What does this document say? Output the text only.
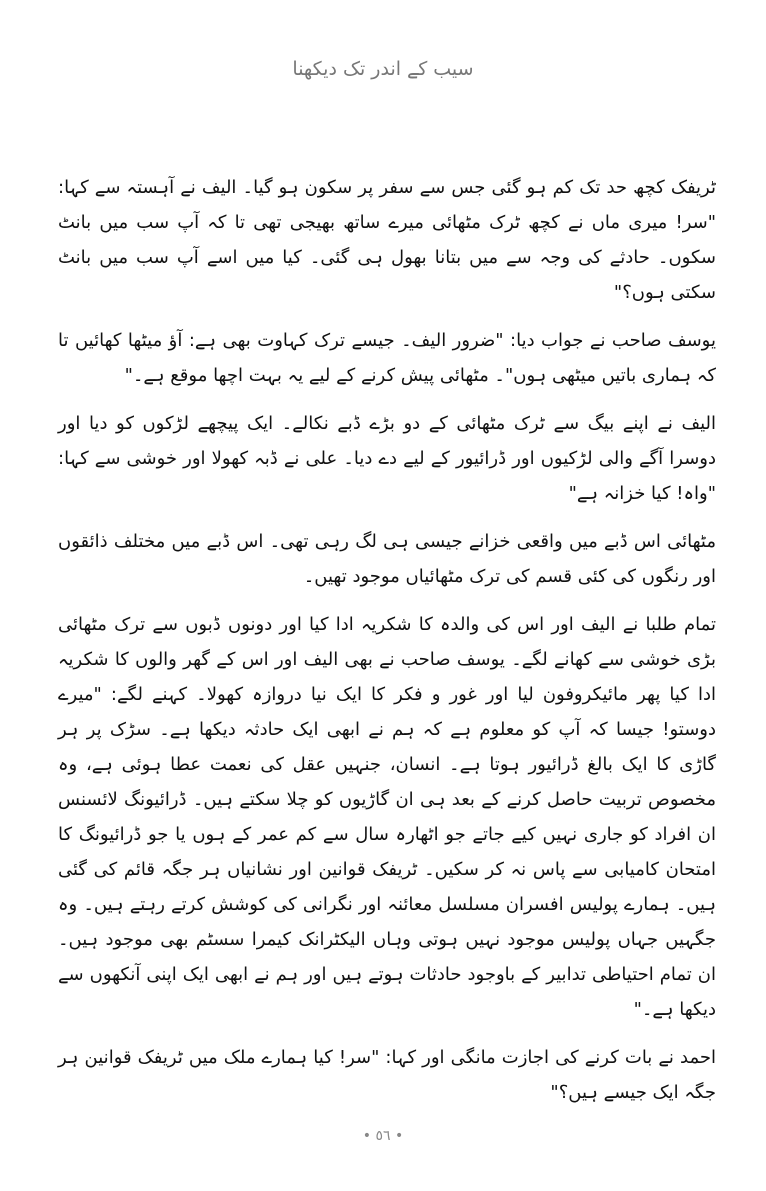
سیب کے اندر تک دیکھنا

ٹریفک کچھ حد تک کم ہو گئی جس سے سفر پر سکون ہو گیا۔ الیف نے آہستہ سے کہا: "سر! میری ماں نے کچھ ٹرک مٹھائی میرے ساتھ بھیجی تھی تا کہ آپ سب میں بانٹ سکوں۔ حادثے کی وجہ سے میں بتانا بھول ہی گئی۔ کیا میں اسے آپ سب میں بانٹ سکتی ہوں؟"

یوسف صاحب نے جواب دیا: "ضرور الیف۔ جیسے ترک کہاوت بھی ہے: آؤ میٹھا کھائیں تا کہ ہماری باتیں میٹھی ہوں"۔ مٹھائی پیش کرنے کے لیے یہ بہت اچھا موقع ہے۔"

الیف نے اپنے بیگ سے ٹرک مٹھائی کے دو بڑے ڈبے نکالے۔ ایک پیچھے لڑکوں کو دیا اور دوسرا آگے والی لڑکیوں اور ڈرائیور کے لیے دے دیا۔ علی نے ڈبہ کھولا اور خوشی سے کہا: "واہ! کیا خزانہ ہے"

مٹھائی اس ڈبے میں واقعی خزانے جیسی ہی لگ رہی تھی۔ اس ڈبے میں مختلف ذائقوں اور رنگوں کی کئی قسم کی ترک مٹھائیاں موجود تھیں۔

تمام طلبا نے الیف اور اس کی والدہ کا شکریہ ادا کیا اور دونوں ڈبوں سے ترک مٹھائی بڑی خوشی سے کھانے لگے۔ یوسف صاحب نے بھی الیف اور اس کے گھر والوں کا شکریہ ادا کیا پھر مائیکروفون لیا اور غور و فکر کا ایک نیا دروازہ کھولا۔ کہنے لگے: "میرے دوستو! جیسا کہ آپ کو معلوم ہے کہ ہم نے ابھی ایک حادثہ دیکھا ہے۔ سڑک پر ہر گاڑی کا ایک بالغ ڈرائیور ہوتا ہے۔ انسان، جنہیں عقل کی نعمت عطا ہوئی ہے، وہ مخصوص تربیت حاصل کرنے کے بعد ہی ان گاڑیوں کو چلا سکتے ہیں۔ ڈرائیونگ لائسنس ان افراد کو جاری نہیں کیے جاتے جو اٹھارہ سال سے کم عمر کے ہوں یا جو ڈرائیونگ کا امتحان کامیابی سے پاس نہ کر سکیں۔ ٹریفک قوانین اور نشانیاں ہر جگہ قائم کی گئی ہیں۔ ہمارے پولیس افسران مسلسل معائنہ اور نگرانی کی کوشش کرتے رہتے ہیں۔ وہ جگہیں جہاں پولیس موجود نہیں ہوتی وہاں الیکٹرانک کیمرا سسٹم بھی موجود ہیں۔ ان تمام احتیاطی تدابیر کے باوجود حادثات ہوتے ہیں اور ہم نے ابھی ایک اپنی آنکھوں سے دیکھا ہے۔"

احمد نے بات کرنے کی اجازت مانگی اور کہا: "سر! کیا ہمارے ملک میں ٹریفک قوانین ہر جگہ ایک جیسے ہیں؟"

• ٥٦ •
